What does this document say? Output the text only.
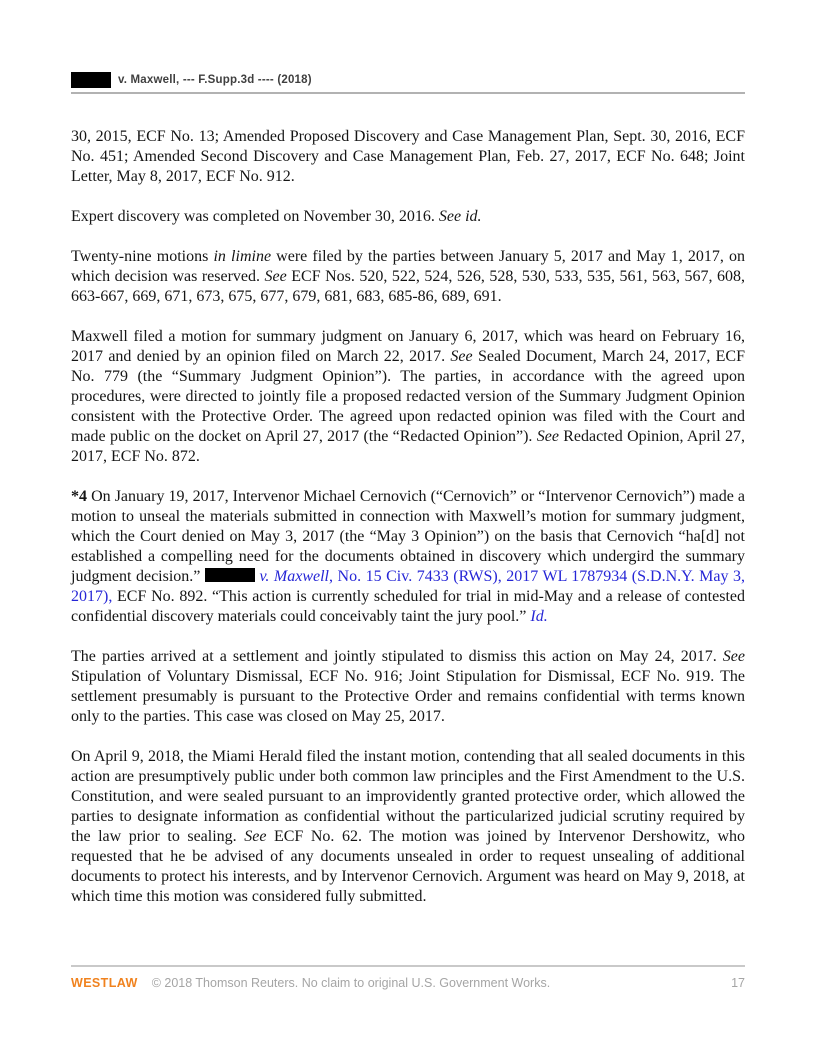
v. Maxwell, --- F.Supp.3d ---- (2018)

30, 2015, ECF No. 13; Amended Proposed Discovery and Case Management Plan, Sept. 30, 2016, ECF No. 451; Amended Second Discovery and Case Management Plan, Feb. 27, 2017, ECF No. 648; Joint Letter, May 8, 2017, ECF No. 912.

Expert discovery was completed on November 30, 2016. See id.

Twenty-nine motions in limine were filed by the parties between January 5, 2017 and May 1, 2017, on which decision was reserved. See ECF Nos. 520, 522, 524, 526, 528, 530, 533, 535, 561, 563, 567, 608, 663-667, 669, 671, 673, 675, 677, 679, 681, 683, 685-86, 689, 691.

Maxwell filed a motion for summary judgment on January 6, 2017, which was heard on February 16, 2017 and denied by an opinion filed on March 22, 2017. See Sealed Document, March 24, 2017, ECF No. 779 (the “Summary Judgment Opinion”). The parties, in accordance with the agreed upon procedures, were directed to jointly file a proposed redacted version of the Summary Judgment Opinion consistent with the Protective Order. The agreed upon redacted opinion was filed with the Court and made public on the docket on April 27, 2017 (the “Redacted Opinion”). See Redacted Opinion, April 27, 2017, ECF No. 872.

*4 On January 19, 2017, Intervenor Michael Cernovich (“Cernovich” or “Intervenor Cernovich”) made a motion to unseal the materials submitted in connection with Maxwell’s motion for summary judgment, which the Court denied on May 3, 2017 (the “May 3 Opinion”) on the basis that Cernovich “ha[d] not established a compelling need for the documents obtained in discovery which undergird the summary judgment decision.”	v. Maxwell, No. 15 Civ. 7433 (RWS), 2017 WL 1787934 (S.D.N.Y. May 3, 2017), ECF No. 892. “This action is currently scheduled for trial in mid-May and a release of contested confidential discovery materials could conceivably taint the jury pool.” Id.

The parties arrived at a settlement and jointly stipulated to dismiss this action on May 24, 2017. See Stipulation of Voluntary Dismissal, ECF No. 916; Joint Stipulation for Dismissal, ECF No. 919. The settlement presumably is pursuant to the Protective Order and remains confidential with terms known only to the parties. This case was closed on May 25, 2017.

On April 9, 2018, the Miami Herald filed the instant motion, contending that all sealed documents in this action are presumptively public under both common law principles and the First Amendment to the U.S. Constitution, and were sealed pursuant to an improvidently granted protective order, which allowed the parties to designate information as confidential without the particularized judicial scrutiny required by the law prior to sealing. See ECF No. 62. The motion was joined by Intervenor Dershowitz, who requested that he be advised of any documents unsealed in order to request unsealing of additional documents to protect his interests, and by Intervenor Cernovich. Argument was heard on May 9, 2018, at which time this motion was considered fully submitted.

WESTLAW © 2018 Thomson Reuters. No claim to original U.S. Government Works.	17
